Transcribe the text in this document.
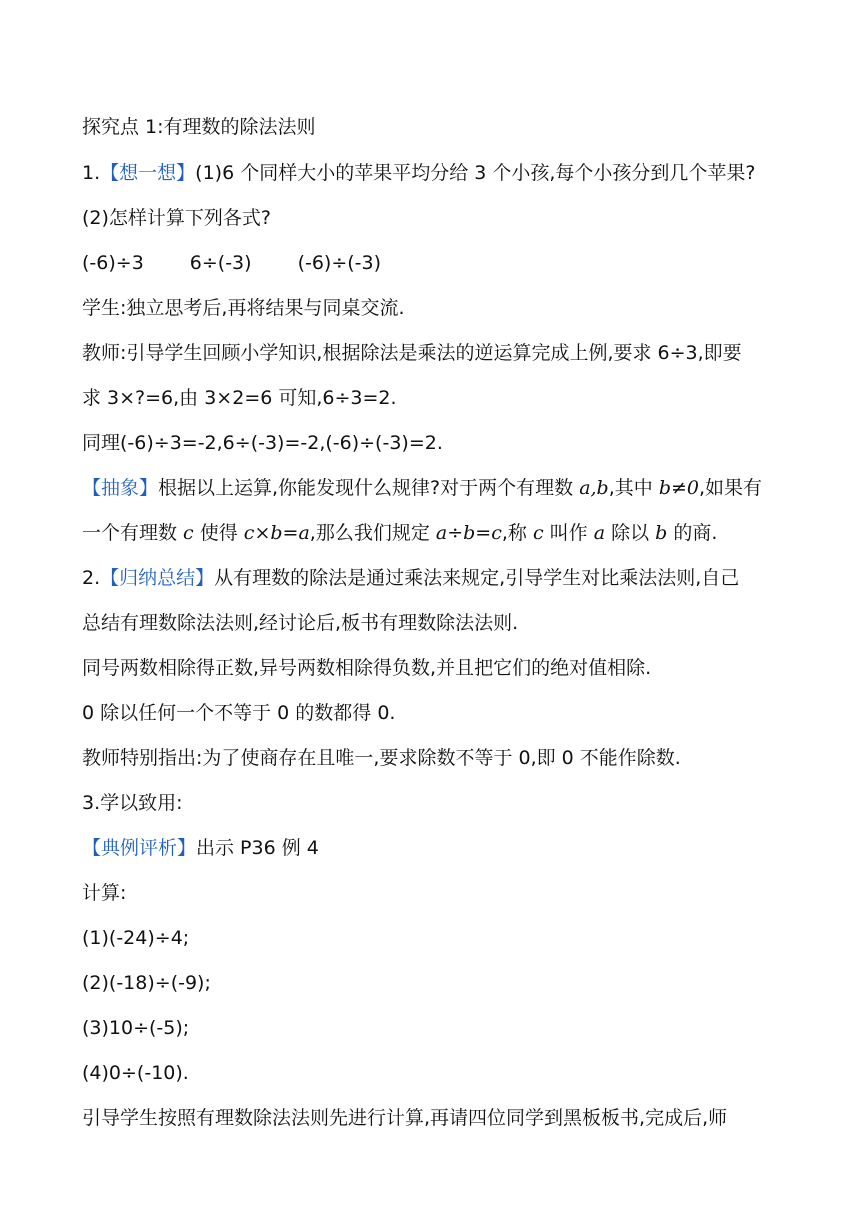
探究点 1:有理数的除法法则

1.【想一想】(1)6 个同样大小的苹果平均分给 3 个小孩,每个小孩分到几个苹果?

(2)怎样计算下列各式?

(-6)÷3 6÷(-3) (-6)÷(-3)

学生:独立思考后,再将结果与同桌交流.

教师:引导学生回顾小学知识,根据除法是乘法的逆运算完成上例,要求 6÷3,即要

求 3×?=6,由 3×2=6 可知,6÷3=2.

同理(-6)÷3=-2,6÷(-3)=-2,(-6)÷(-3)=2.

【抽象】根据以上运算,你能发现什么规律?对于两个有理数 a,b,其中 b≠0,如果有

一个有理数 c 使得 c×b=a,那么我们规定 a÷b=c,称 c 叫作 a 除以 b 的商.

2.【归纳总结】从有理数的除法是通过乘法来规定,引导学生对比乘法法则,自己

总结有理数除法法则,经讨论后,板书有理数除法法则.

同号两数相除得正数,异号两数相除得负数,并且把它们的绝对值相除.

0 除以任何一个不等于 0 的数都得 0.

教师特别指出:为了使商存在且唯一,要求除数不等于 0,即 0 不能作除数.

3.学以致用:

【典例评析】出示 P36 例 4

计算:

(1)(-24)÷4;

(2)(-18)÷(-9);

(3)10÷(-5);

(4)0÷(-10).

引导学生按照有理数除法法则先进行计算,再请四位同学到黑板板书,完成后,师
